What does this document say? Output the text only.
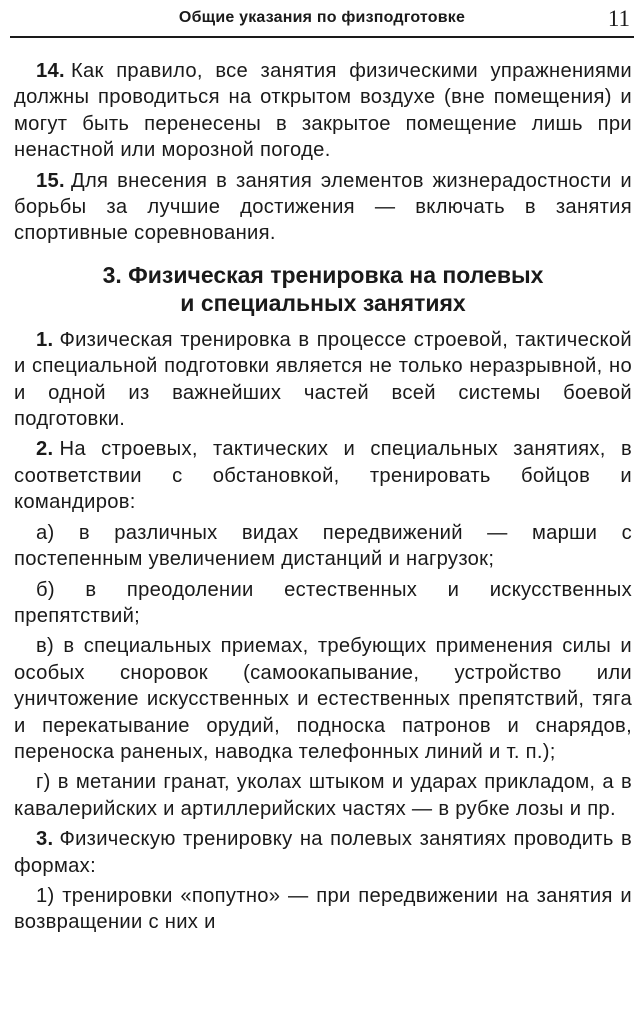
Общие указания по физподготовке	11

14. Как правило, все занятия физическими упражнениями должны проводиться на открытом воздухе (вне помещения) и могут быть перенесены в закрытое помещение лишь при ненастной или морозной погоде.

15. Для внесения в занятия элементов жизнерадостности и борьбы за лучшие достижения — включать в занятия спортивные соревнования.

3. Физическая тренировка на полевых
и специальных занятиях

1. Физическая тренировка в процессе строевой, тактической и специальной подготовки является не только неразрывной, но и одной из важнейших частей всей системы боевой подготовки.

2. На строевых, тактических и специальных занятиях, в соответствии с обстановкой, тренировать бойцов и командиров:

а) в различных видах передвижений — марши с постепенным увеличением дистанций и нагрузок;

б) в преодолении естественных и искусственных препятствий;

в) в специальных приемах, требующих применения силы и особых сноровок (самоокапывание, устройство или уничтожение искусственных и естественных препятствий, тяга и перекатывание орудий, подноска патронов и снарядов, переноска раненых, наводка телефонных линий и т. п.);

г) в метании гранат, уколах штыком и ударах прикладом, а в кавалерийских и артиллерийских частях — в рубке лозы и пр.

3. Физическую тренировку на полевых занятиях проводить в формах:

1) тренировки «попутно» — при передвижении на занятия и возвращении с них и
